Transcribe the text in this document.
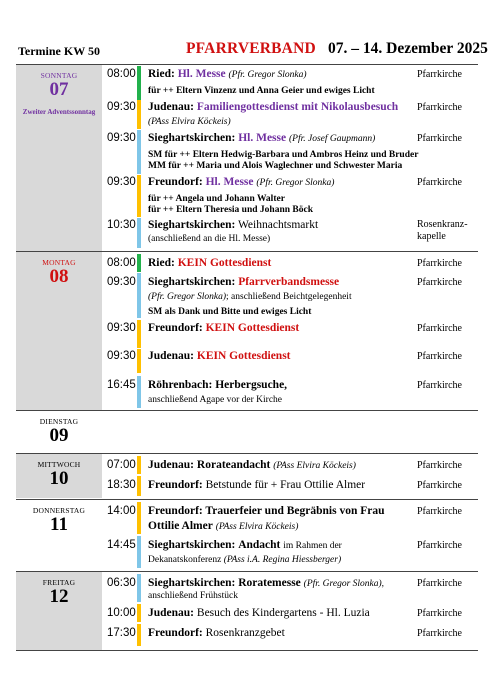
Termine KW 50	PFARRVERBAND 07. – 14. Dezember 2025
SONNTAG
07
Zweiter Adventssonntag
08:00 Ried: Hl. Messe (Pfr. Gregor Slonka)
für ++ Eltern Vinzenz und Anna Geier und ewiges Licht
Pfarrkirche
09:30 Judenau: Familiengottesdienst mit Nikolausbesuch
(PAss Elvira Köckeis)
Pfarrkirche
09:30 Sieghartskirchen: Hl. Messe (Pfr. Josef Gaupmann)
SM für ++ Eltern Hedwig-Barbara und Ambros Heinz und Bruder
MM für ++ Maria und Alois Waglechner und Schwester Maria
Pfarrkirche
09:30 Freundorf: Hl. Messe (Pfr. Gregor Slonka)
für ++ Angela und Johann Walter
für ++ Eltern Theresia und Johann Böck
Pfarrkirche
10:30 Sieghartskirchen: Weihnachtsmarkt
(anschließend an die Hl. Messe)
Rosenkranz-
kapelle
MONTAG
08
08:00 Ried: KEIN Gottesdienst	Pfarrkirche
09:30 Sieghartskirchen: Pfarrverbandsmesse
(Pfr. Gregor Slonka); anschließend Beichtgelegenheit
SM als Dank und Bitte und ewiges Licht
Pfarrkirche
09:30 Freundorf: KEIN Gottesdienst	Pfarrkirche
09:30 Judenau: KEIN Gottesdienst	Pfarrkirche
16:45 Röhrenbach: Herbergsuche,
anschließend Agape vor der Kirche
Pfarrkirche
DIENSTAG
09
MITTWOCH
10
07:00 Judenau: Rorateandacht (PAss Elvira Köckeis)	Pfarrkirche
18:30 Freundorf: Betstunde für + Frau Ottilie Almer	Pfarrkirche
DONNERSTAG
11
14:00 Freundorf: Trauerfeier und Begräbnis von Frau
Ottilie Almer (PAss Elvira Köckeis)
Pfarrkirche
14:45 Sieghartskirchen: Andacht im Rahmen der
Dekanatskonferenz (PAss i.A. Regina Hiessberger)
Pfarrkirche
FREITAG
12
06:30 Sieghartskirchen: Roratemesse (Pfr. Gregor Slonka),
anschließend Frühstück
Pfarrkirche
10:00 Judenau: Besuch des Kindergartens - Hl. Luzia	Pfarrkirche
17:30 Freundorf: Rosenkranzgebet	Pfarrkirche
